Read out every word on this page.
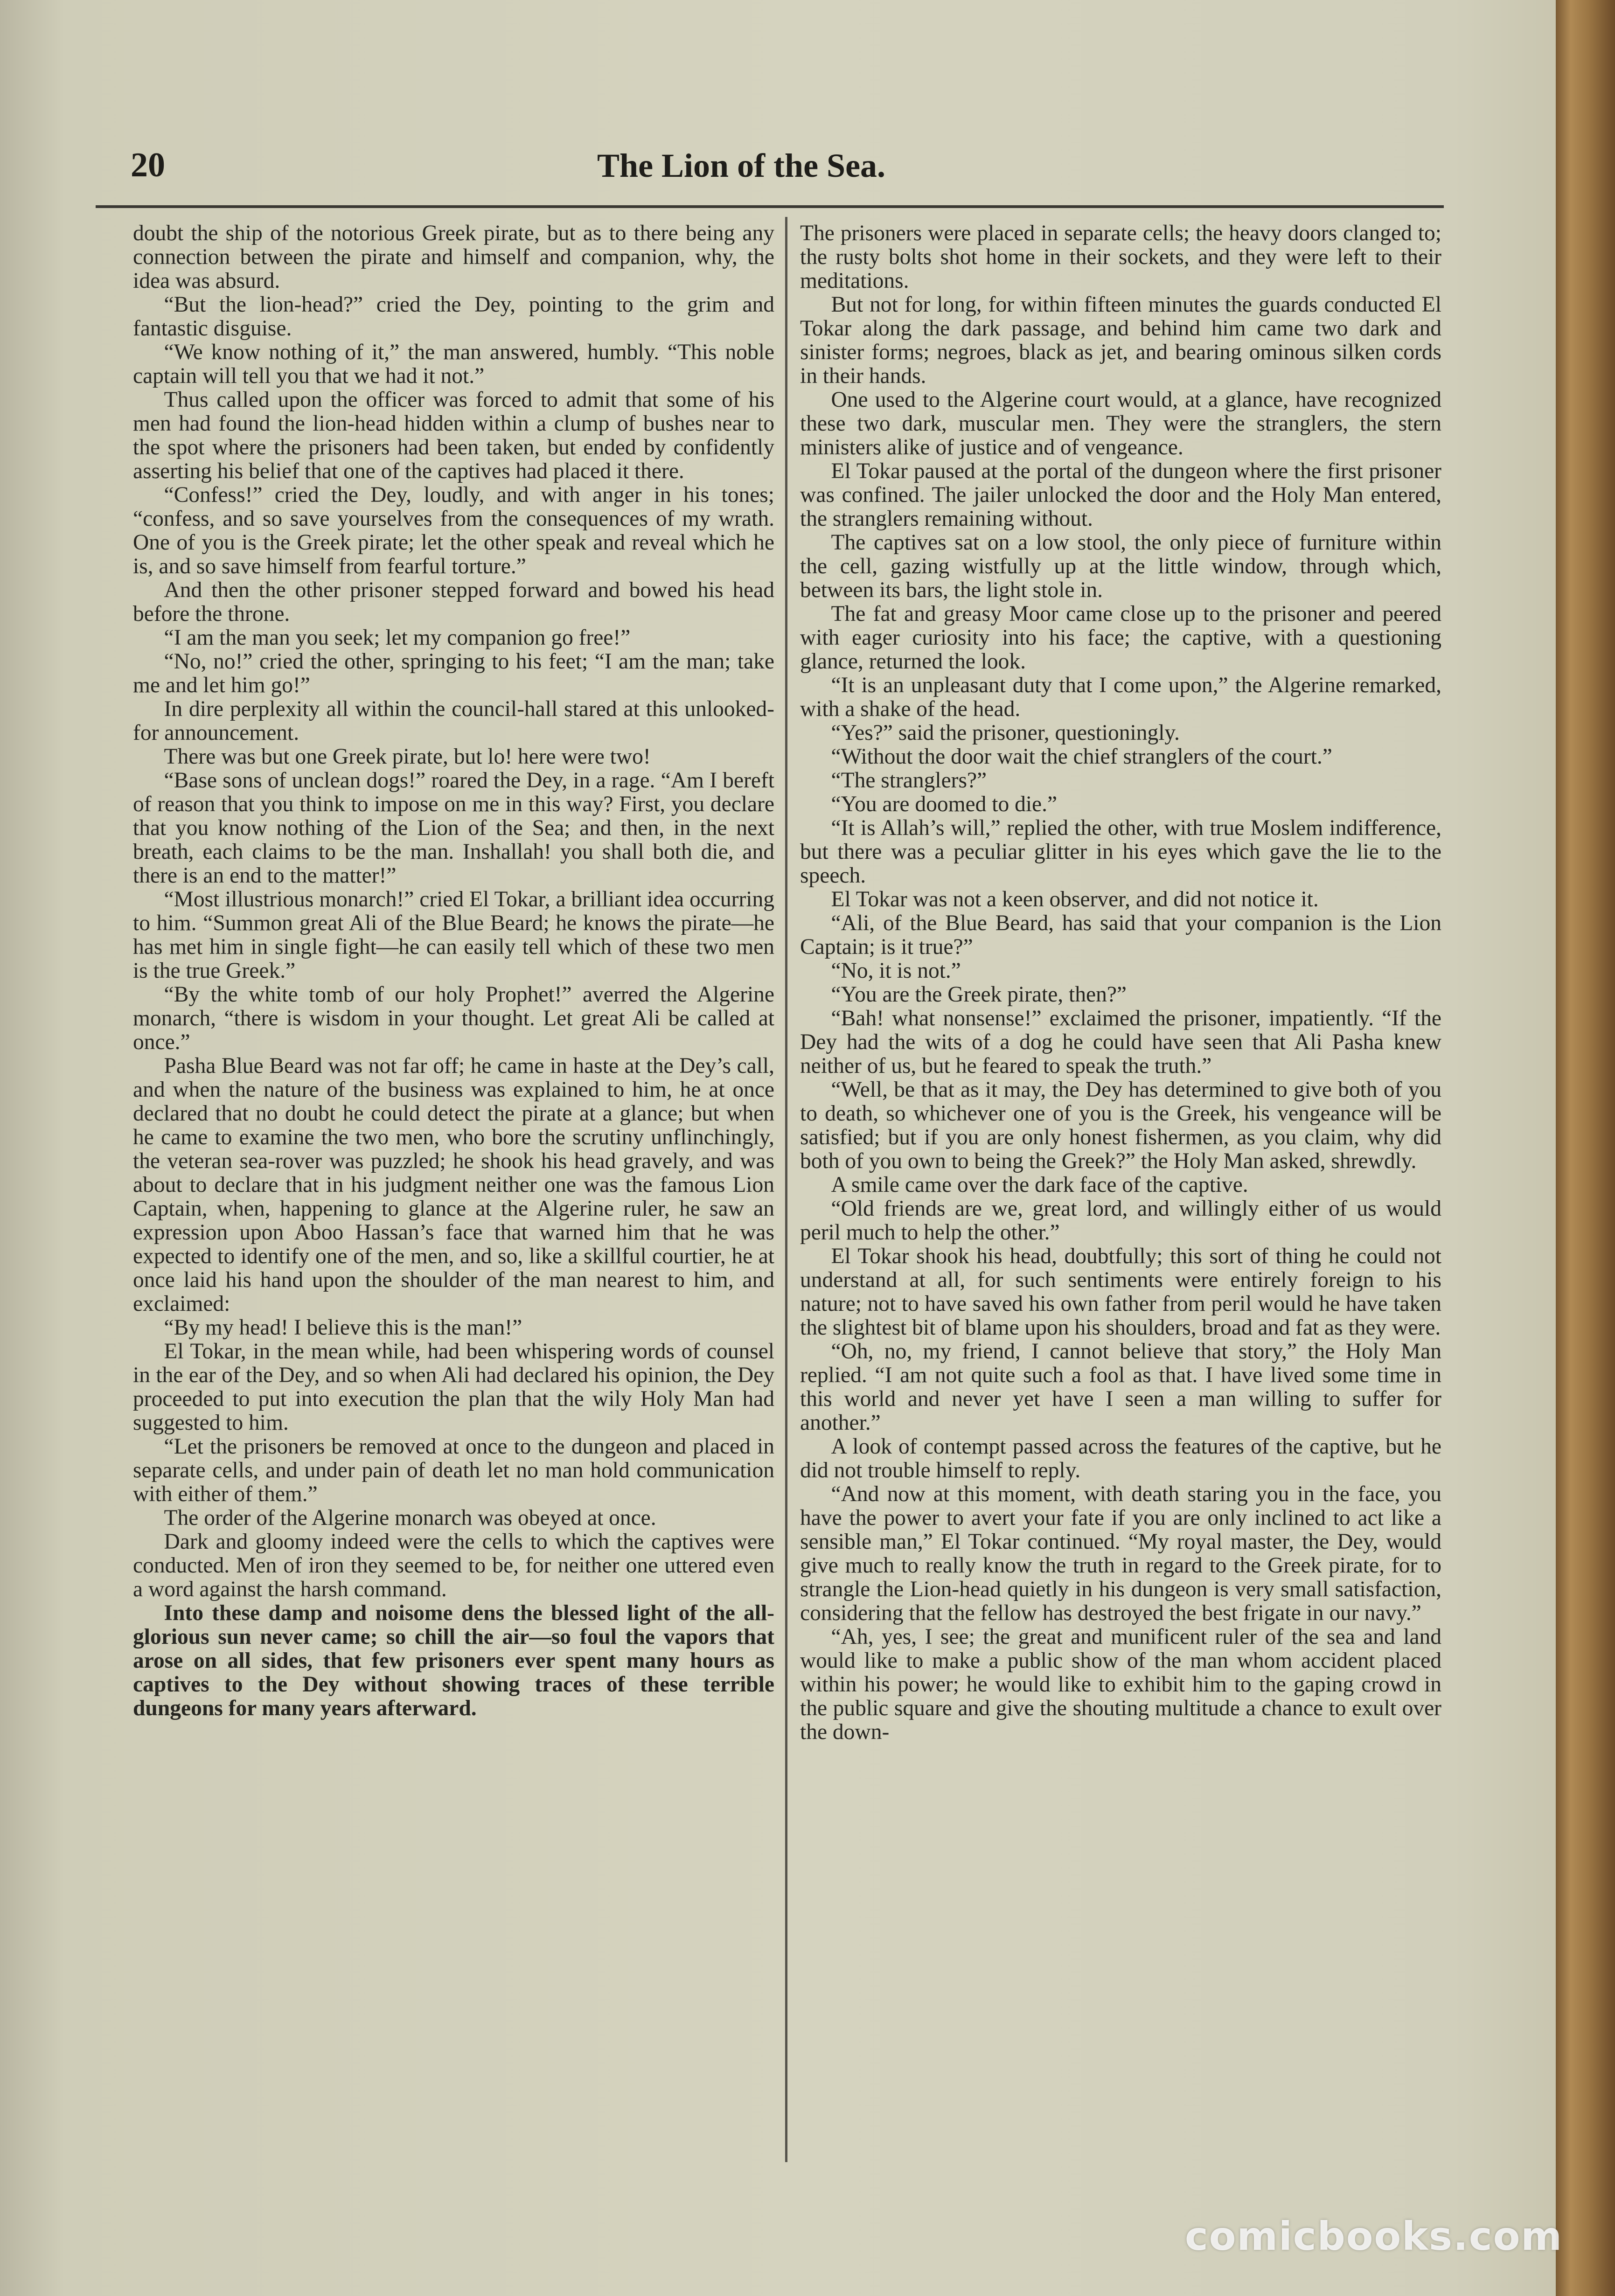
20	The Lion of the Sea.

doubt the ship of the notorious Greek pirate, but as to there being any connection between the pirate and himself and companion, why, the idea was absurd.

“But the lion-head?” cried the Dey, pointing to the grim and fantastic disguise.

“We know nothing of it,” the man answered, humbly. “This noble captain will tell you that we had it not.”

Thus called upon the officer was forced to admit that some of his men had found the lion-head hidden within a clump of bushes near to the spot where the prisoners had been taken, but ended by confidently asserting his belief that one of the captives had placed it there.

“Confess!” cried the Dey, loudly, and with anger in his tones; “confess, and so save yourselves from the consequences of my wrath. One of you is the Greek pirate; let the other speak and reveal which he is, and so save himself from fearful torture.”

And then the other prisoner stepped forward and bowed his head before the throne.

“I am the man you seek; let my companion go free!”

“No, no!” cried the other, springing to his feet; “I am the man; take me and let him go!”

In dire perplexity all within the council-hall stared at this unlooked-for announcement.

There was but one Greek pirate, but lo! here were two!

“Base sons of unclean dogs!” roared the Dey, in a rage. “Am I bereft of reason that you think to impose on me in this way? First, you declare that you know nothing of the Lion of the Sea; and then, in the next breath, each claims to be the man. Inshallah! you shall both die, and there is an end to the matter!”

“Most illustrious monarch!” cried El Tokar, a brilliant idea occurring to him. “Summon great Ali of the Blue Beard; he knows the pirate—he has met him in single fight—he can easily tell which of these two men is the true Greek.”

“By the white tomb of our holy Prophet!” averred the Algerine monarch, “there is wisdom in your thought. Let great Ali be called at once.”

Pasha Blue Beard was not far off; he came in haste at the Dey’s call, and when the nature of the business was explained to him, he at once declared that no doubt he could detect the pirate at a glance; but when he came to examine the two men, who bore the scrutiny unflinchingly, the veteran sea-rover was puzzled; he shook his head gravely, and was about to declare that in his judgment neither one was the famous Lion Captain, when, happening to glance at the Algerine ruler, he saw an expression upon Aboo Hassan’s face that warned him that he was expected to identify one of the men, and so, like a skillful courtier, he at once laid his hand upon the shoulder of the man nearest to him, and exclaimed:

“By my head! I believe this is the man!”

El Tokar, in the mean while, had been whispering words of counsel in the ear of the Dey, and so when Ali had declared his opinion, the Dey proceeded to put into execution the plan that the wily Holy Man had suggested to him.

“Let the prisoners be removed at once to the dungeon and placed in separate cells, and under pain of death let no man hold communication with either of them.”

The order of the Algerine monarch was obeyed at once.

Dark and gloomy indeed were the cells to which the captives were conducted. Men of iron they seemed to be, for neither one uttered even a word against the harsh command.

Into these damp and noisome dens the blessed light of the all-glorious sun never came; so chill the air—so foul the vapors that arose on all sides, that few prisoners ever spent many hours as captives to the Dey without showing traces of these terrible dungeons for many years afterward.

The prisoners were placed in separate cells; the heavy doors clanged to; the rusty bolts shot home in their sockets, and they were left to their meditations.

But not for long, for within fifteen minutes the guards conducted El Tokar along the dark passage, and behind him came two dark and sinister forms; negroes, black as jet, and bearing ominous silken cords in their hands.

One used to the Algerine court would, at a glance, have recognized these two dark, muscular men. They were the stranglers, the stern ministers alike of justice and of vengeance.

El Tokar paused at the portal of the dungeon where the first prisoner was confined. The jailer unlocked the door and the Holy Man entered, the stranglers remaining without.

The captives sat on a low stool, the only piece of furniture within the cell, gazing wistfully up at the little window, through which, between its bars, the light stole in.

The fat and greasy Moor came close up to the prisoner and peered with eager curiosity into his face; the captive, with a questioning glance, returned the look.

“It is an unpleasant duty that I come upon,” the Algerine remarked, with a shake of the head.

“Yes?” said the prisoner, questioningly.

“Without the door wait the chief stranglers of the court.”

“The stranglers?”

“You are doomed to die.”

“It is Allah’s will,” replied the other, with true Moslem indifference, but there was a peculiar glitter in his eyes which gave the lie to the speech.

El Tokar was not a keen observer, and did not notice it.

“Ali, of the Blue Beard, has said that your companion is the Lion Captain; is it true?”

“No, it is not.”

“You are the Greek pirate, then?”

“Bah! what nonsense!” exclaimed the prisoner, impatiently. “If the Dey had the wits of a dog he could have seen that Ali Pasha knew neither of us, but he feared to speak the truth.”

“Well, be that as it may, the Dey has determined to give both of you to death, so whichever one of you is the Greek, his vengeance will be satisfied; but if you are only honest fishermen, as you claim, why did both of you own to being the Greek?” the Holy Man asked, shrewdly.

A smile came over the dark face of the captive.

“Old friends are we, great lord, and willingly either of us would peril much to help the other.”

El Tokar shook his head, doubtfully; this sort of thing he could not understand at all, for such sentiments were entirely foreign to his nature; not to have saved his own father from peril would he have taken the slightest bit of blame upon his shoulders, broad and fat as they were.

“Oh, no, my friend, I cannot believe that story,” the Holy Man replied. “I am not quite such a fool as that. I have lived some time in this world and never yet have I seen a man willing to suffer for another.”

A look of contempt passed across the features of the captive, but he did not trouble himself to reply.

“And now at this moment, with death staring you in the face, you have the power to avert your fate if you are only inclined to act like a sensible man,” El Tokar continued. “My royal master, the Dey, would give much to really know the truth in regard to the Greek pirate, for to strangle the Lion-head quietly in his dungeon is very small satisfaction, considering that the fellow has destroyed the best frigate in our navy.”

“Ah, yes, I see; the great and munificent ruler of the sea and land would like to make a public show of the man whom accident placed within his power; he would like to exhibit him to the gaping crowd in the public square and give the shouting multitude a chance to exult over the down-

comicbooks.com
